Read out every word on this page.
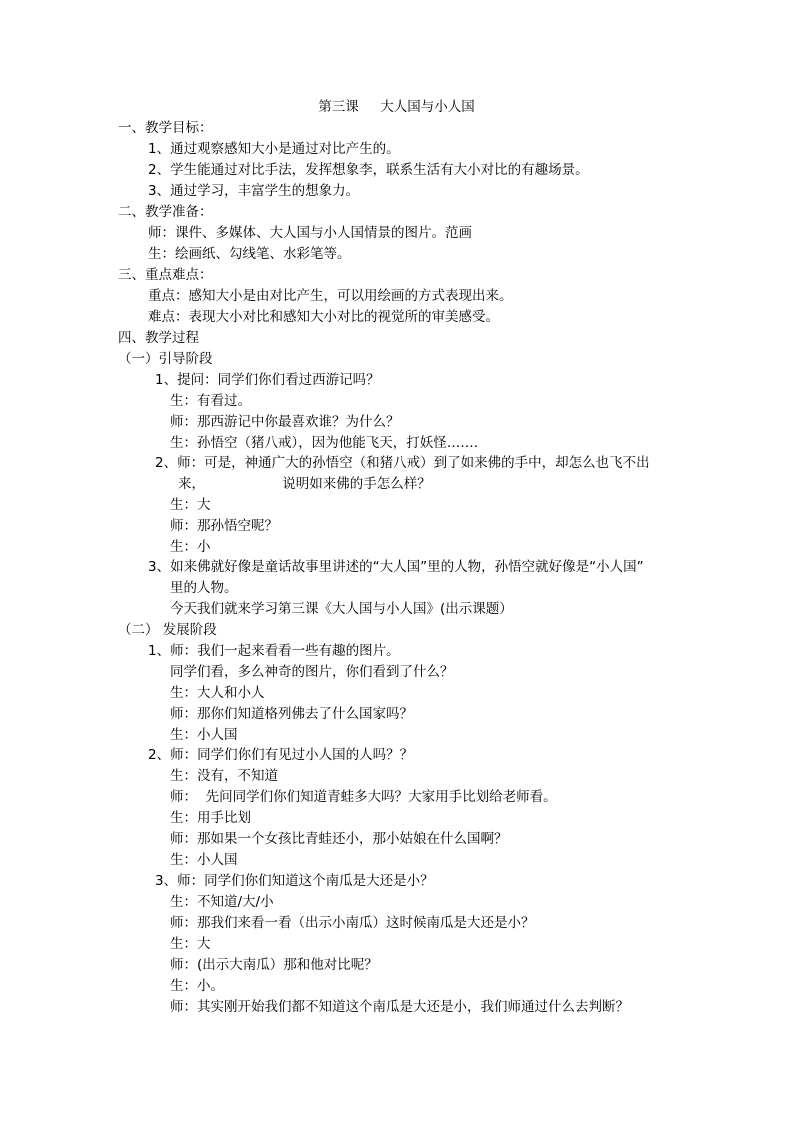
第三课     大人国与小人国
一、教学目标：
1、通过观察感知大小是通过对比产生的。
2、学生能通过对比手法，发挥想象李，联系生活有大小对比的有趣场景。
3、通过学习，丰富学生的想象力。
二、教学准备：
师：课件、多媒体、大人国与小人国情景的图片。范画
生：绘画纸、勾线笔、水彩笔等。
三、重点难点：
重点：感知大小是由对比产生，可以用绘画的方式表现出来。
难点：表现大小对比和感知大小对比的视觉所的审美感受。
四、教学过程
（一）引导阶段
1、提问：同学们你们看过西游记吗？
生：有看过。
师：那西游记中你最喜欢谁？为什么？
生：孙悟空（猪八戒），因为他能飞天，打妖怪…….
2、师：可是，神通广大的孙悟空（和猪八戒）到了如来佛的手中，却怎么也飞不出
来，                  说明如来佛的手怎么样？
生：大
师：那孙悟空呢？
生：小
3、如来佛就好像是童话故事里讲述的“大人国”里的人物，孙悟空就好像是“小人国”
里的人物。
今天我们就来学习第三课《大人国与小人国》(出示课题）
（二） 发展阶段
1、师：我们一起来看看一些有趣的图片。
同学们看，多么神奇的图片，你们看到了什么？
生：大人和小人
师：那你们知道格列佛去了什么国家吗？
生：小人国
2、师：同学们你们有见过小人国的人吗？？
生：没有，不知道
师：  先问同学们你们知道青蛙多大吗？大家用手比划给老师看。
生：用手比划
师：那如果一个女孩比青蛙还小，那小姑娘在什么国啊？
生：小人国
3、师：同学们你们知道这个南瓜是大还是小？
生：不知道/大/小
师：那我们来看一看（出示小南瓜）这时候南瓜是大还是小？
生：大
师：(出示大南瓜）那和他对比呢？
生：小。
师：其实刚开始我们都不知道这个南瓜是大还是小，我们师通过什么去判断？
